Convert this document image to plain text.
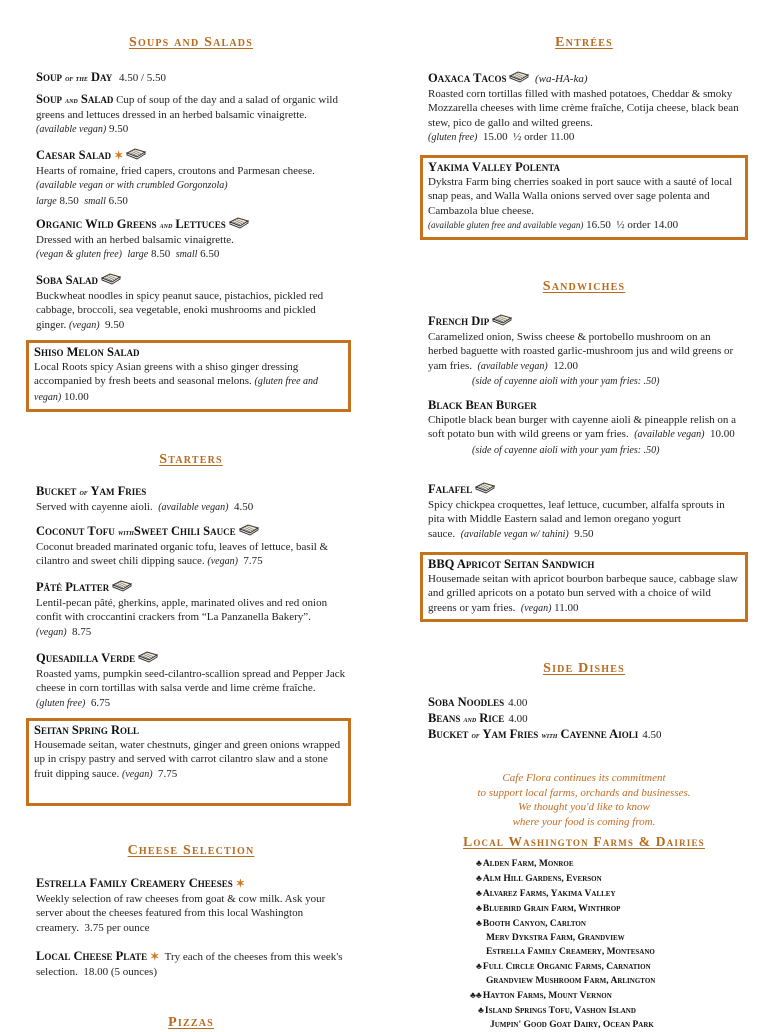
Soups and Salads
Soup of the Day 4.50 / 5.50
Soup and Salad Cup of soup of the day and a salad of organic wild greens and lettuces dressed in an herbed balsamic vinaigrette. (available vegan) 9.50
Caesar Salad ✶
Hearts of romaine, fried capers, croutons and Parmesan cheese. (available vegan or with crumbled Gorgonzola)
large 8.50 small 6.50
Organic Wild Greens and Lettuces
Dressed with an herbed balsamic vinaigrette.
(vegan & gluten free) large 8.50 small 6.50
Soba Salad
Buckwheat noodles in spicy peanut sauce, pistachios, pickled red cabbage, broccoli, sea vegetable, enoki mushrooms and pickled ginger. (vegan) 9.50
Shiso Melon Salad
Local Roots spicy Asian greens with a shiso ginger dressing accompanied by fresh beets and seasonal melons. (gluten free and vegan) 10.00
Starters
Bucket of Yam Fries
Served with cayenne aioli. (available vegan) 4.50
Coconut Tofu withSweet Chili Sauce
Coconut breaded marinated organic tofu, leaves of lettuce, basil & cilantro and sweet chili dipping sauce. (vegan) 7.75
Pâté Platter
Lentil-pecan pâté, gherkins, apple, marinated olives and red onion confit with croccantini crackers from “La Panzanella Bakery”. (vegan) 8.75
Quesadilla Verde
Roasted yams, pumpkin seed-cilantro-scallion spread and Pepper Jack cheese in corn tortillas with salsa verde and lime crème fraîche. (gluten free) 6.75
Seitan Spring Roll
Housemade seitan, water chestnuts, ginger and green onions wrapped up in crispy pastry and served with carrot cilantro slaw and a stone fruit dipping sauce. (vegan) 7.75
Cheese Selection
Estrella Family Creamery Cheeses ✶
Weekly selection of raw cheeses from goat & cow milk. Ask your server about the cheeses featured from this local Washington creamery. 3.75 per ounce
Local Cheese Plate ✶ Try each of the cheeses from this week's selection. 18.00 (5 ounces)
Pizzas
Entrées
Oaxaca Tacos	(wa-HA-ka)
Roasted corn tortillas filled with mashed potatoes, Cheddar & smoky Mozzarella cheeses with lime crème fraîche, Cotija cheese, black bean stew, pico de gallo and wilted greens.
(gluten free) 15.00 ½ order 11.00
Yakima Valley Polenta
Dykstra Farm bing cherries soaked in port sauce with a sauté of local snap peas, and Walla Walla onions served over sage polenta and Cambazola blue cheese.
(available gluten free and available vegan) 16.50 ½ order 14.00
Sandwiches
French Dip
Caramelized onion, Swiss cheese & portobello mushroom on an herbed baguette with roasted garlic-mushroom jus and wild greens or yam fries. (available vegan) 12.00
(side of cayenne aioli with your yam fries: .50)
Black Bean Burger
Chipotle black bean burger with cayenne aioli & pineapple relish on a soft potato bun with wild greens or yam fries. (available vegan) 10.00
(side of cayenne aioli with your yam fries: .50)
Falafel
Spicy chickpea croquettes, leaf lettuce, cucumber, alfalfa sprouts in pita with Middle Eastern salad and lemon oregano yogurt sauce. (available vegan w/ tahini) 9.50
BBQ Apricot Seitan Sandwich
Housemade seitan with apricot bourbon barbeque sauce, cabbage slaw and grilled apricots on a potato bun served with a choice of wild greens or yam fries. (vegan) 11.00
Side Dishes
Soba Noodles 4.00
Beans and Rice 4.00
Bucket of Yam Fries with Cayenne Aioli 4.50
Cafe Flora continues its commitment
to support local farms, orchards and businesses.
We thought you'd like to know
where your food is coming from.
Local Washington Farms & Dairies
♣Alden Farm, Monroe
♣Alm Hill Gardens, Everson
♣Alvarez Farms, Yakima Valley
♣Bluebird Grain Farm, Winthrop
♣Booth Canyon, Carlton
Merv Dykstra Farm, Grandview
Estrella Family Creamery, Montesano
♣Full Circle Organic Farms, Carnation
Grandview Mushroom Farm, Arlington
♣♣Hayton Farms, Mount Vernon
♣Island Springs Tofu, Vashon Island
Jumpin' Good Goat Dairy, Ocean Park
